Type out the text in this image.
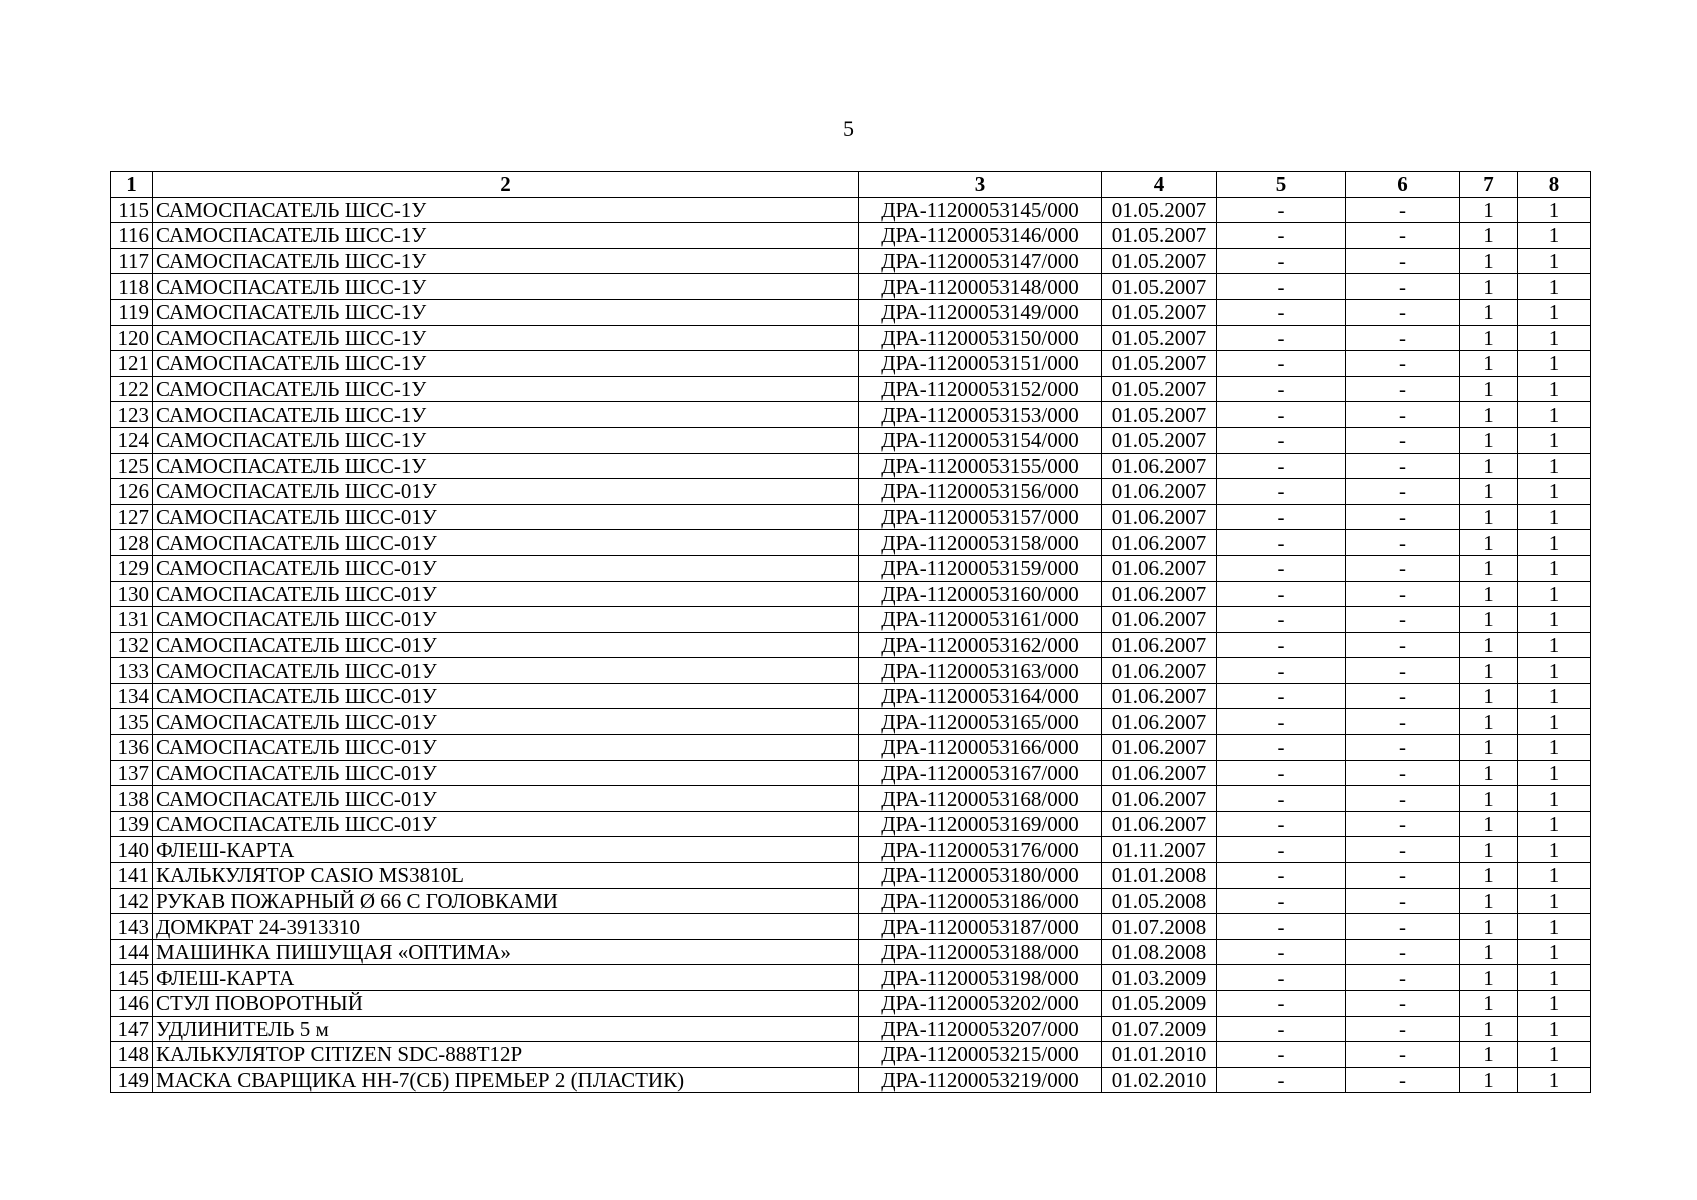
5
1	2	3	4	5	6	7	8
115	САМОСПАСАТЕЛЬ ШСС-1У	ДРА-11200053145/000	01.05.2007	-	-	1	1
116	САМОСПАСАТЕЛЬ ШСС-1У	ДРА-11200053146/000	01.05.2007	-	-	1	1
117	САМОСПАСАТЕЛЬ ШСС-1У	ДРА-11200053147/000	01.05.2007	-	-	1	1
118	САМОСПАСАТЕЛЬ ШСС-1У	ДРА-11200053148/000	01.05.2007	-	-	1	1
119	САМОСПАСАТЕЛЬ ШСС-1У	ДРА-11200053149/000	01.05.2007	-	-	1	1
120	САМОСПАСАТЕЛЬ ШСС-1У	ДРА-11200053150/000	01.05.2007	-	-	1	1
121	САМОСПАСАТЕЛЬ ШСС-1У	ДРА-11200053151/000	01.05.2007	-	-	1	1
122	САМОСПАСАТЕЛЬ ШСС-1У	ДРА-11200053152/000	01.05.2007	-	-	1	1
123	САМОСПАСАТЕЛЬ ШСС-1У	ДРА-11200053153/000	01.05.2007	-	-	1	1
124	САМОСПАСАТЕЛЬ ШСС-1У	ДРА-11200053154/000	01.05.2007	-	-	1	1
125	САМОСПАСАТЕЛЬ ШСС-1У	ДРА-11200053155/000	01.06.2007	-	-	1	1
126	САМОСПАСАТЕЛЬ ШСС-01У	ДРА-11200053156/000	01.06.2007	-	-	1	1
127	САМОСПАСАТЕЛЬ ШСС-01У	ДРА-11200053157/000	01.06.2007	-	-	1	1
128	САМОСПАСАТЕЛЬ ШСС-01У	ДРА-11200053158/000	01.06.2007	-	-	1	1
129	САМОСПАСАТЕЛЬ ШСС-01У	ДРА-11200053159/000	01.06.2007	-	-	1	1
130	САМОСПАСАТЕЛЬ ШСС-01У	ДРА-11200053160/000	01.06.2007	-	-	1	1
131	САМОСПАСАТЕЛЬ ШСС-01У	ДРА-11200053161/000	01.06.2007	-	-	1	1
132	САМОСПАСАТЕЛЬ ШСС-01У	ДРА-11200053162/000	01.06.2007	-	-	1	1
133	САМОСПАСАТЕЛЬ ШСС-01У	ДРА-11200053163/000	01.06.2007	-	-	1	1
134	САМОСПАСАТЕЛЬ ШСС-01У	ДРА-11200053164/000	01.06.2007	-	-	1	1
135	САМОСПАСАТЕЛЬ ШСС-01У	ДРА-11200053165/000	01.06.2007	-	-	1	1
136	САМОСПАСАТЕЛЬ ШСС-01У	ДРА-11200053166/000	01.06.2007	-	-	1	1
137	САМОСПАСАТЕЛЬ ШСС-01У	ДРА-11200053167/000	01.06.2007	-	-	1	1
138	САМОСПАСАТЕЛЬ ШСС-01У	ДРА-11200053168/000	01.06.2007	-	-	1	1
139	САМОСПАСАТЕЛЬ ШСС-01У	ДРА-11200053169/000	01.06.2007	-	-	1	1
140	ФЛЕШ-КАРТА	ДРА-11200053176/000	01.11.2007	-	-	1	1
141	КАЛЬКУЛЯТОР CASIO MS3810L	ДРА-11200053180/000	01.01.2008	-	-	1	1
142	РУКАВ ПОЖАРНЫЙ Ø 66 С ГОЛОВКАМИ	ДРА-11200053186/000	01.05.2008	-	-	1	1
143	ДОМКРАТ 24-3913310	ДРА-11200053187/000	01.07.2008	-	-	1	1
144	МАШИНКА ПИШУЩАЯ «ОПТИМА»	ДРА-11200053188/000	01.08.2008	-	-	1	1
145	ФЛЕШ-КАРТА	ДРА-11200053198/000	01.03.2009	-	-	1	1
146	СТУЛ ПОВОРОТНЫЙ	ДРА-11200053202/000	01.05.2009	-	-	1	1
147	УДЛИНИТЕЛЬ 5 м	ДРА-11200053207/000	01.07.2009	-	-	1	1
148	КАЛЬКУЛЯТОР CITIZEN SDC-888T12P	ДРА-11200053215/000	01.01.2010	-	-	1	1
149	МАСКА СВАРЩИКА НН-7(СБ) ПРЕМЬЕР 2 (ПЛАСТИК)	ДРА-11200053219/000	01.02.2010	-	-	1	1
